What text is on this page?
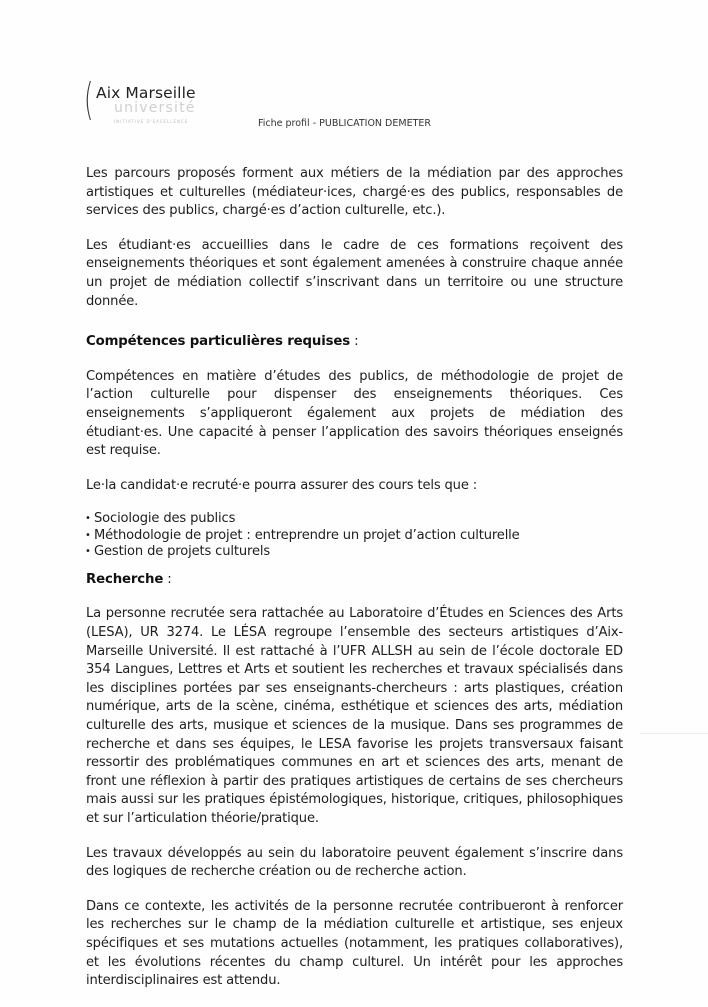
( Aix Marseille
université
INITIATIVE D'EXCELLENCE	Fiche profil - PUBLICATION DEMETER

Les parcours proposés forment aux métiers de la médiation par des approches artistiques et culturelles (médiateur·ices, chargé·es des publics, responsables de services des publics, chargé·es d’action culturelle, etc.).

Les étudiant·es accueillies dans le cadre de ces formations reçoivent des enseignements théoriques et sont également amenées à construire chaque année un projet de médiation collectif s’inscrivant dans un territoire ou une structure donnée.

Compétences particulières requises :

Compétences en matière d’études des publics, de méthodologie de projet de l’action culturelle pour dispenser des enseignements théoriques. Ces enseignements s’appliqueront également aux projets de médiation des étudiant·es. Une capacité à penser l’application des savoirs théoriques enseignés est requise.

Le·la candidat·e recruté·e pourra assurer des cours tels que :

• Sociologie des publics
• Méthodologie de projet : entreprendre un projet d’action culturelle
• Gestion de projets culturels
Recherche :

La personne recrutée sera rattachée au Laboratoire d’Études en Sciences des Arts (LESA), UR 3274. Le LÉSA regroupe l’ensemble des secteurs artistiques d’Aix-Marseille Université. Il est rattaché à l’UFR ALLSH au sein de l’école doctorale ED 354 Langues, Lettres et Arts et soutient les recherches et travaux spécialisés dans les disciplines portées par ses enseignants-chercheurs : arts plastiques, création numérique, arts de la scène, cinéma, esthétique et sciences des arts, médiation culturelle des arts, musique et sciences de la musique. Dans ses programmes de recherche et dans ses équipes, le LESA favorise les projets transversaux faisant ressortir des problématiques communes en art et sciences des arts, menant de front une réflexion à partir des pratiques artistiques de certains de ses chercheurs mais aussi sur les pratiques épistémologiques, historique, critiques, philosophiques et sur l’articulation théorie/pratique.

Les travaux développés au sein du laboratoire peuvent également s’inscrire dans des logiques de recherche création ou de recherche action.

Dans ce contexte, les activités de la personne recrutée contribueront à renforcer les recherches sur le champ de la médiation culturelle et artistique, ses enjeux spécifiques et ses mutations actuelles (notamment, les pratiques collaboratives), et les évolutions récentes du champ culturel. Un intérêt pour les approches interdisciplinaires est attendu.
